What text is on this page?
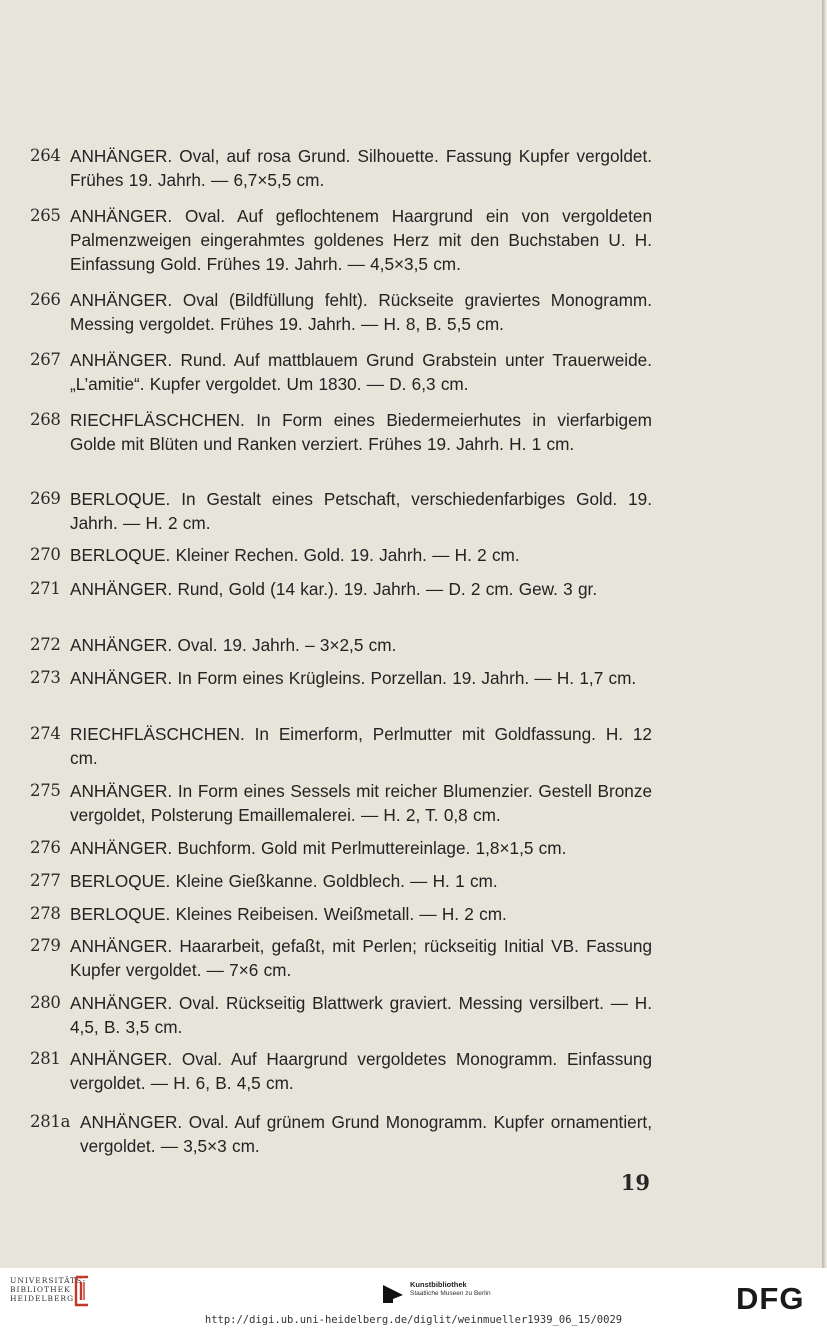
264 ANHÄNGER. Oval, auf rosa Grund. Silhouette. Fassung Kupfer vergoldet. Frühes 19. Jahrh. — 6,7×5,5 cm.
265 ANHÄNGER. Oval. Auf geflochtenem Haargrund ein von vergoldeten Palmenzweigen eingerahmtes goldenes Herz mit den Buchstaben U. H. Einfassung Gold. Frühes 19. Jahrh. — 4,5×3,5 cm.
266 ANHÄNGER. Oval (Bildfüllung fehlt). Rückseite graviertes Monogramm. Messing vergoldet. Frühes 19. Jahrh. — H. 8, B. 5,5 cm.
267 ANHÄNGER. Rund. Auf mattblauem Grund Grabstein unter Trauerweide. „L’amitie“. Kupfer vergoldet. Um 1830. — D. 6,3 cm.
268 RIECHFLÄSCHCHEN. In Form eines Biedermeierhutes in vierfarbigem Golde mit Blüten und Ranken verziert. Frühes 19. Jahrh. H. 1 cm.
269 BERLOQUE. In Gestalt eines Petschaft, verschiedenfarbiges Gold. 19. Jahrh. — H. 2 cm.
270 BERLOQUE. Kleiner Rechen. Gold. 19. Jahrh. — H. 2 cm.
271 ANHÄNGER. Rund, Gold (14 kar.). 19. Jahrh. — D. 2 cm. Gew. 3 gr.
272 ANHÄNGER. Oval. 19. Jahrh. – 3×2,5 cm.
273 ANHÄNGER. In Form eines Krügleins. Porzellan. 19. Jahrh. — H. 1,7 cm.
274 RIECHFLÄSCHCHEN. In Eimerform, Perlmutter mit Goldfassung. H. 12 cm.
275 ANHÄNGER. In Form eines Sessels mit reicher Blumenzier. Gestell Bronze vergoldet, Polsterung Emaillemalerei. — H. 2, T. 0,8 cm.
276 ANHÄNGER. Buchform. Gold mit Perlmuttereinlage. 1,8×1,5 cm.
277 BERLOQUE. Kleine Gießkanne. Goldblech. — H. 1 cm.
278 BERLOQUE. Kleines Reibeisen. Weißmetall. — H. 2 cm.
279 ANHÄNGER. Haararbeit, gefaßt, mit Perlen; rückseitig Initial VB. Fassung Kupfer vergoldet. — 7×6 cm.
280 ANHÄNGER. Oval. Rückseitig Blattwerk graviert. Messing versilbert. — H. 4,5, B. 3,5 cm.
281 ANHÄNGER. Oval. Auf Haargrund vergoldetes Monogramm. Einfassung vergoldet. — H. 6, B. 4,5 cm.
281a ANHÄNGER. Oval. Auf grünem Grund Monogramm. Kupfer ornamentiert, vergoldet. — 3,5×3 cm.
19
UNIVERSITÄTS-
BIBLIOTHEK
HEIDELBERG
Kunstbibliothek
Staatliche Museen zu Berlin	DFG
http://digi.ub.uni-heidelberg.de/diglit/weinmueller1939_06_15/0029
